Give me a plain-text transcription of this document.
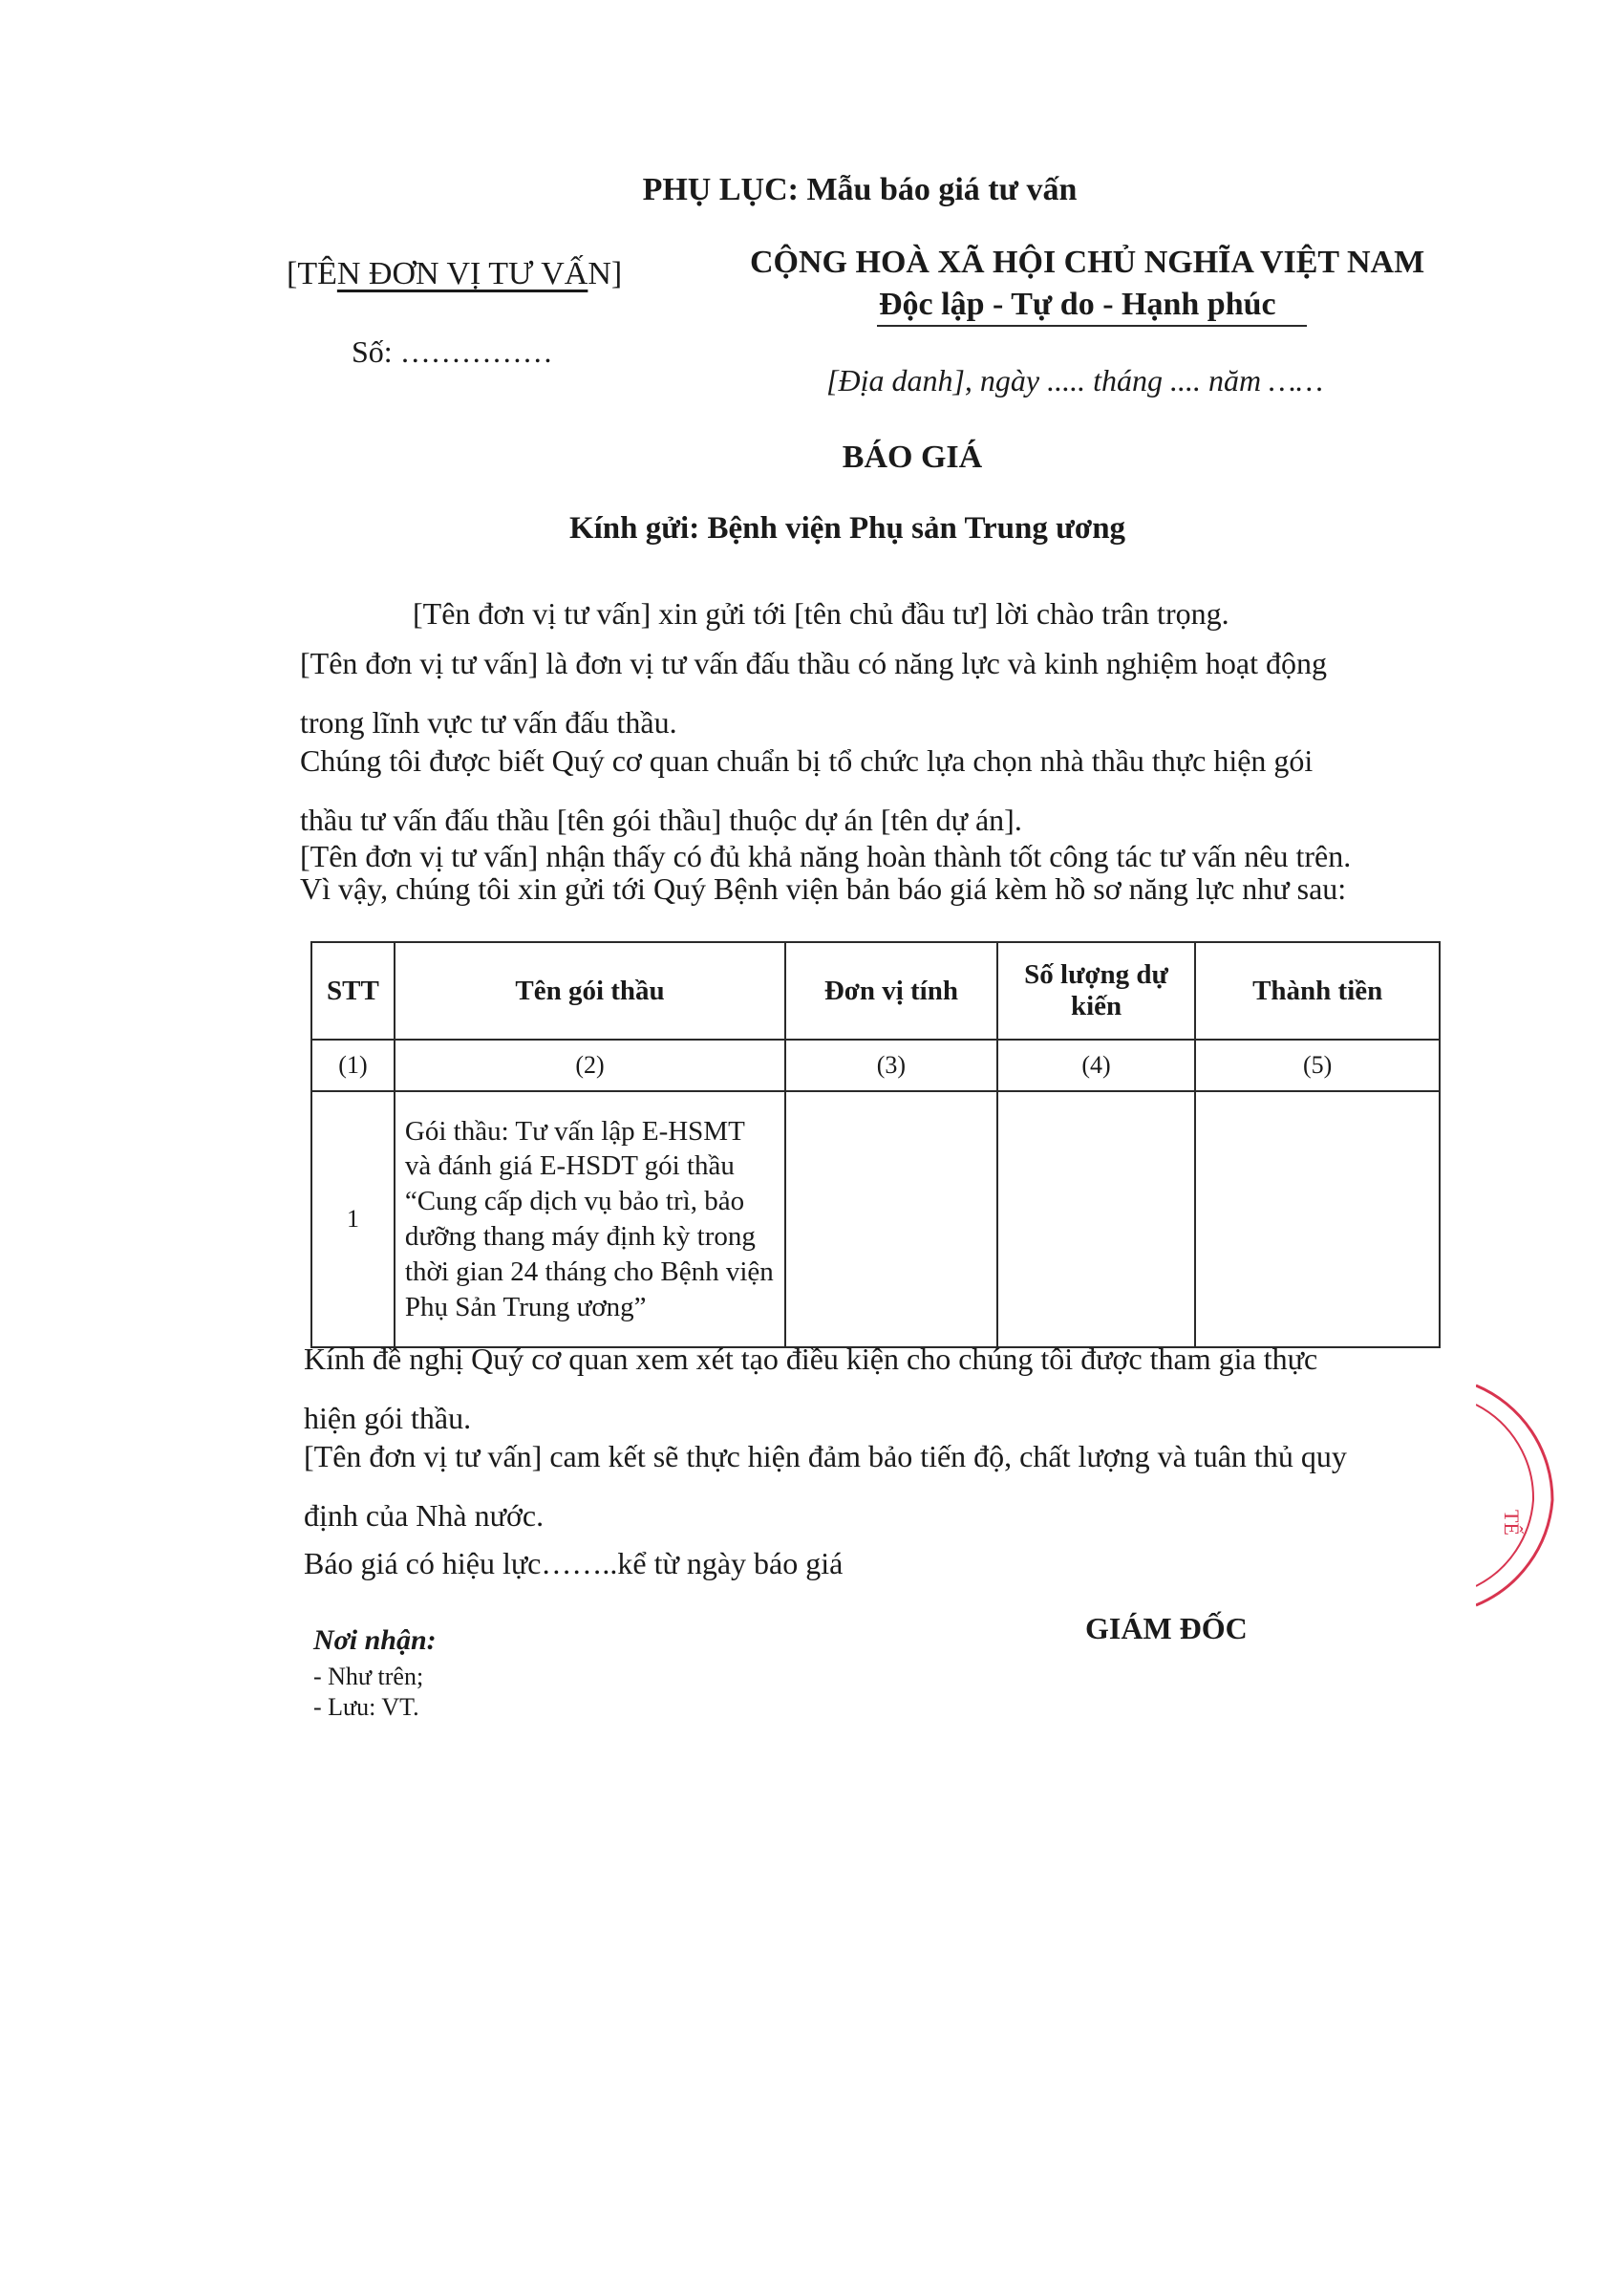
PHỤ LỤC: Mẫu báo giá tư vấn
[TÊN ĐƠN VỊ TƯ VẤN]
Số: ……………
CỘNG HOÀ XÃ HỘI CHỦ NGHĨA VIỆT NAM
Độc lập - Tự do - Hạnh phúc
[Địa danh], ngày ..... tháng .... năm ……
BÁO GIÁ
Kính gửi: Bệnh viện Phụ sản Trung ương
[Tên đơn vị tư vấn] xin gửi tới [tên chủ đầu tư] lời chào trân trọng.
[Tên đơn vị tư vấn] là đơn vị tư vấn đấu thầu có năng lực và kinh nghiệm hoạt động
trong lĩnh vực tư vấn đấu thầu.
Chúng tôi được biết Quý cơ quan chuẩn bị tổ chức lựa chọn nhà thầu thực hiện gói
thầu tư vấn đấu thầu [tên gói thầu] thuộc dự án [tên dự án].
[Tên đơn vị tư vấn] nhận thấy có đủ khả năng hoàn thành tốt công tác tư vấn nêu trên.
Vì vậy, chúng tôi xin gửi tới Quý Bệnh viện bản báo giá kèm hồ sơ năng lực như sau:
STT	Tên gói thầu	Đơn vị tính	Số lượng dự kiến	Thành tiền
(1)	(2)	(3)	(4)	(5)
1	Gói thầu: Tư vấn lập E-HSMT và đánh giá E-HSDT gói thầu “Cung cấp dịch vụ bảo trì, bảo dưỡng thang máy định kỳ trong thời gian 24 tháng cho Bệnh viện Phụ Sản Trung ương”			
Kính đề nghị Quý cơ quan xem xét tạo điều kiện cho chúng tôi được tham gia thực
hiện gói thầu.
[Tên đơn vị tư vấn] cam kết sẽ thực hiện đảm bảo tiến độ, chất lượng và tuân thủ quy
định của Nhà nước.
Báo giá có hiệu lực……..kể từ ngày báo giá
Nơi nhận:
- Như trên;
- Lưu: VT.
GIÁM ĐỐC
TẾ
